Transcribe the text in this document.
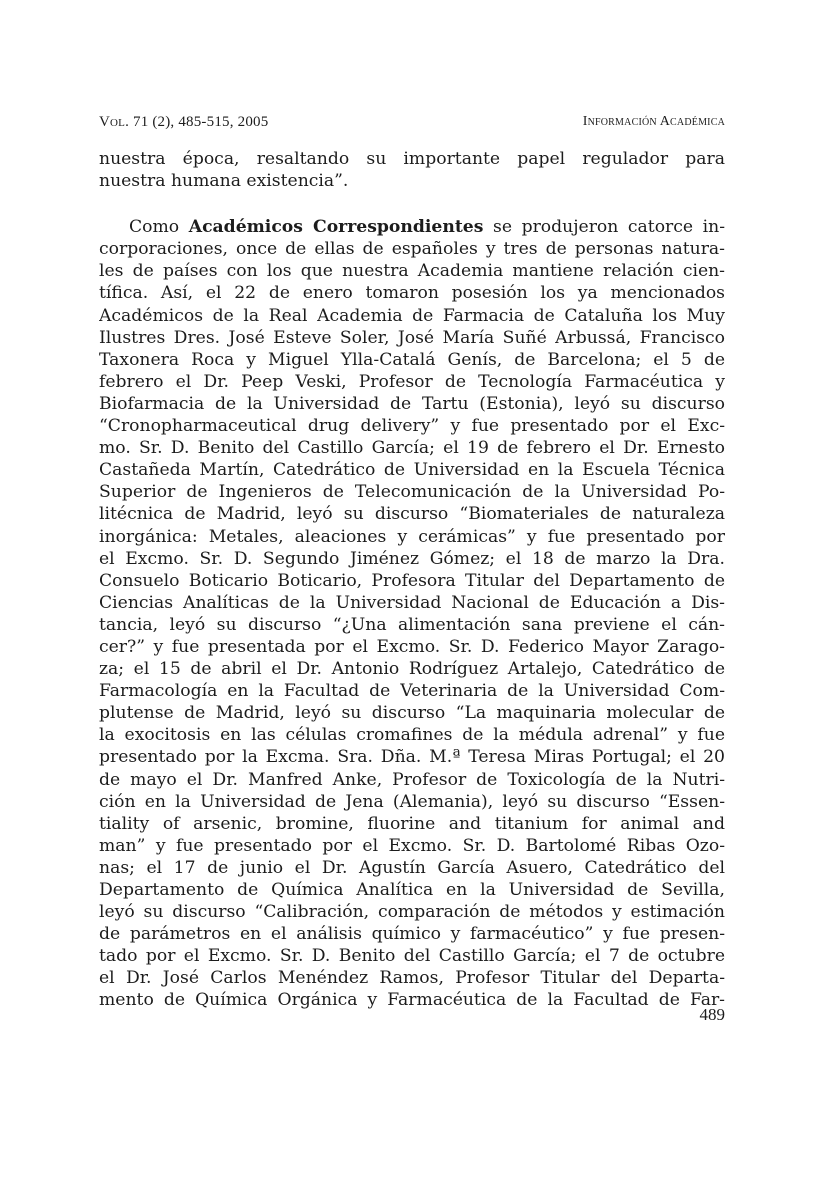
Vol. 71 (2), 485-515, 2005	Información Académica

nuestra época, resaltando su importante papel regulador para
nuestra humana existencia”.

Como Académicos Correspondientes se produjeron catorce in-
corporaciones, once de ellas de españoles y tres de personas natura-
les de países con los que nuestra Academia mantiene relación cien-
tífica. Así, el 22 de enero tomaron posesión los ya mencionados
Académicos de la Real Academia de Farmacia de Cataluña los Muy
Ilustres Dres. José Esteve Soler, José María Suñé Arbussá, Francisco
Taxonera Roca y Miguel Ylla-Catalá Genís, de Barcelona; el 5 de
febrero el Dr. Peep Veski, Profesor de Tecnología Farmacéutica y
Biofarmacia de la Universidad de Tartu (Estonia), leyó su discurso
“Cronopharmaceutical drug delivery” y fue presentado por el Exc-
mo. Sr. D. Benito del Castillo García; el 19 de febrero el Dr. Ernesto
Castañeda Martín, Catedrático de Universidad en la Escuela Técnica
Superior de Ingenieros de Telecomunicación de la Universidad Po-
litécnica de Madrid, leyó su discurso “Biomateriales de naturaleza
inorgánica: Metales, aleaciones y cerámicas” y fue presentado por
el Excmo. Sr. D. Segundo Jiménez Gómez; el 18 de marzo la Dra.
Consuelo Boticario Boticario, Profesora Titular del Departamento de
Ciencias Analíticas de la Universidad Nacional de Educación a Dis-
tancia, leyó su discurso “¿Una alimentación sana previene el cán-
cer?” y fue presentada por el Excmo. Sr. D. Federico Mayor Zarago-
za; el 15 de abril el Dr. Antonio Rodríguez Artalejo, Catedrático de
Farmacología en la Facultad de Veterinaria de la Universidad Com-
plutense de Madrid, leyó su discurso “La maquinaria molecular de
la exocitosis en las células cromafines de la médula adrenal” y fue
presentado por la Excma. Sra. Dña. M.ª Teresa Miras Portugal; el 20
de mayo el Dr. Manfred Anke, Profesor de Toxicología de la Nutri-
ción en la Universidad de Jena (Alemania), leyó su discurso “Essen-
tiality of arsenic, bromine, fluorine and titanium for animal and
man” y fue presentado por el Excmo. Sr. D. Bartolomé Ribas Ozo-
nas; el 17 de junio el Dr. Agustín García Asuero, Catedrático del
Departamento de Química Analítica en la Universidad de Sevilla,
leyó su discurso “Calibración, comparación de métodos y estimación
de parámetros en el análisis químico y farmacéutico” y fue presen-
tado por el Excmo. Sr. D. Benito del Castillo García; el 7 de octubre
el Dr. José Carlos Menéndez Ramos, Profesor Titular del Departa-
mento de Química Orgánica y Farmacéutica de la Facultad de Far-

489
